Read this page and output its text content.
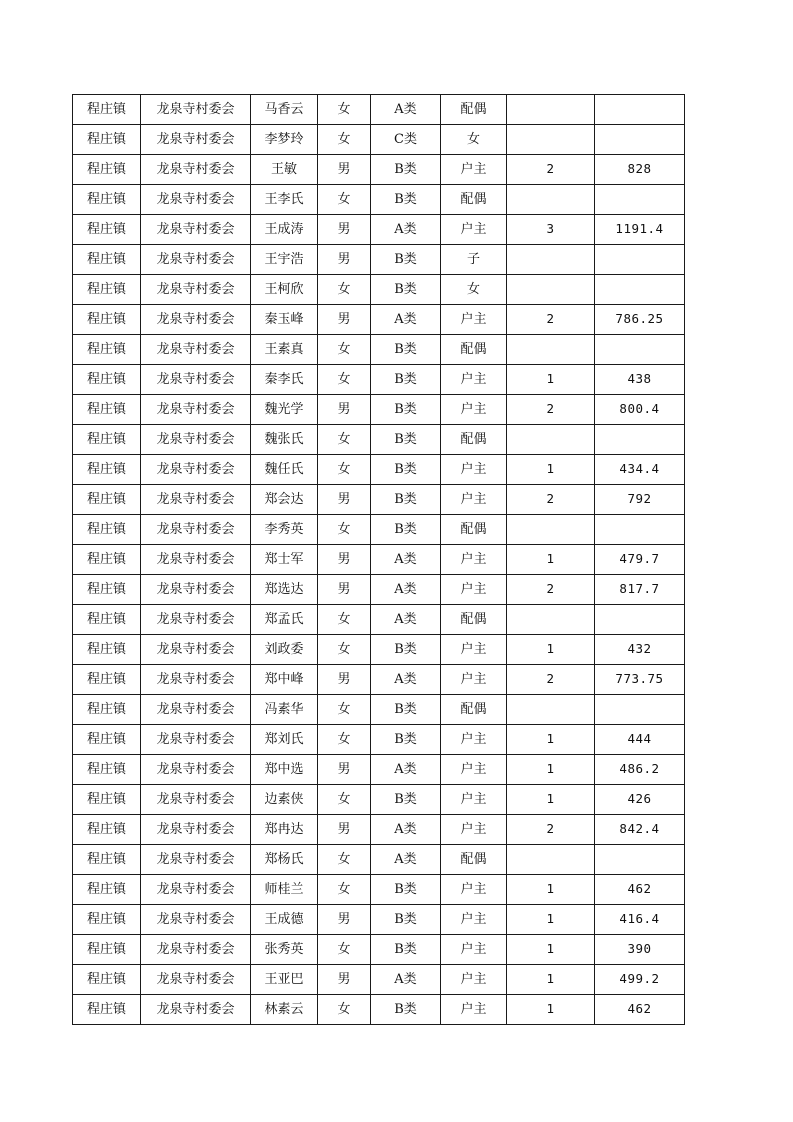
程庄镇	龙泉寺村委会	马香云	女	A类	配偶		
程庄镇	龙泉寺村委会	李梦玲	女	C类	女		
程庄镇	龙泉寺村委会	王敏	男	B类	户主	2	828
程庄镇	龙泉寺村委会	王李氏	女	B类	配偶		
程庄镇	龙泉寺村委会	王成涛	男	A类	户主	3	1191.4
程庄镇	龙泉寺村委会	王宇浩	男	B类	子		
程庄镇	龙泉寺村委会	王柯欣	女	B类	女		
程庄镇	龙泉寺村委会	秦玉峰	男	A类	户主	2	786.25
程庄镇	龙泉寺村委会	王素真	女	B类	配偶		
程庄镇	龙泉寺村委会	秦李氏	女	B类	户主	1	438
程庄镇	龙泉寺村委会	魏光学	男	B类	户主	2	800.4
程庄镇	龙泉寺村委会	魏张氏	女	B类	配偶		
程庄镇	龙泉寺村委会	魏任氏	女	B类	户主	1	434.4
程庄镇	龙泉寺村委会	郑会达	男	B类	户主	2	792
程庄镇	龙泉寺村委会	李秀英	女	B类	配偶		
程庄镇	龙泉寺村委会	郑士军	男	A类	户主	1	479.7
程庄镇	龙泉寺村委会	郑选达	男	A类	户主	2	817.7
程庄镇	龙泉寺村委会	郑孟氏	女	A类	配偶		
程庄镇	龙泉寺村委会	刘政委	女	B类	户主	1	432
程庄镇	龙泉寺村委会	郑中峰	男	A类	户主	2	773.75
程庄镇	龙泉寺村委会	冯素华	女	B类	配偶		
程庄镇	龙泉寺村委会	郑刘氏	女	B类	户主	1	444
程庄镇	龙泉寺村委会	郑中选	男	A类	户主	1	486.2
程庄镇	龙泉寺村委会	边素侠	女	B类	户主	1	426
程庄镇	龙泉寺村委会	郑冉达	男	A类	户主	2	842.4
程庄镇	龙泉寺村委会	郑杨氏	女	A类	配偶		
程庄镇	龙泉寺村委会	师桂兰	女	B类	户主	1	462
程庄镇	龙泉寺村委会	王成德	男	B类	户主	1	416.4
程庄镇	龙泉寺村委会	张秀英	女	B类	户主	1	390
程庄镇	龙泉寺村委会	王亚巴	男	A类	户主	1	499.2
程庄镇	龙泉寺村委会	林素云	女	B类	户主	1	462
